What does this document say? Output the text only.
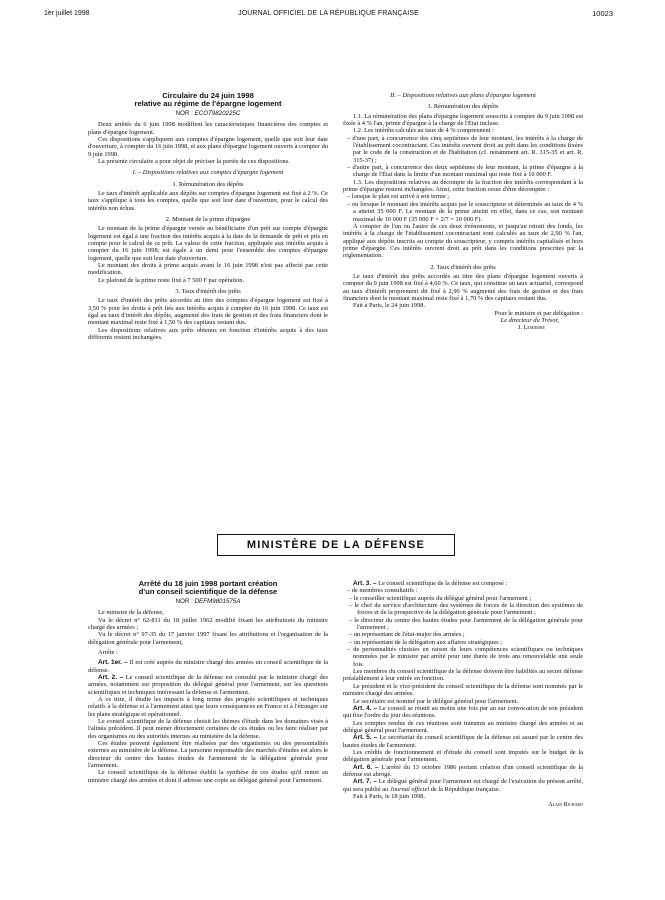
1er juillet 1998	JOURNAL OFFICIEL DE LA RÉPUBLIQUE FRANÇAISE	10023

Circulaire du 24 juin 1998

relative au régime de l'épargne logement

NOR : ECOT9820225C

Deux arrêtés du 6 juin 1998 modifient les caractéristiques financières des comptes et plans d'épargne logement.

Ces dispositions s'appliquent aux comptes d'épargne logement, quelle que soit leur date d'ouverture, à compter du 16 juin 1998, et aux plans d'épargne logement ouverts à compter du 9 juin 1998.

La présente circulaire a pour objet de préciser la portée de ces dispositions.

I. – Dispositions relatives aux comptes d'épargne logement

1. Rémunération des dépôts

Le taux d'intérêt applicable aux dépôts sur comptes d'épargne logement est fixé à 2 %. Ce taux s'applique à tous les comptes, quelle que soit leur date d'ouverture, pour le calcul des intérêts non échus.

2. Montant de la prime d'épargne

Le montant de la prime d'épargne versée au bénéficiaire d'un prêt sur compte d'épargne logement est égal à une fraction des intérêts acquis à la date de la demande de prêt et pris en compte pour le calcul de ce prêt. La valeur de cette fraction, appliquée aux intérêts acquis à compter du 16 juin 1998, est égale à un demi pour l'ensemble des comptes d'épargne logement, quelle que soit leur date d'ouverture.

Le montant des droits à prime acquis avant le 16 juin 1998 n'est pas affecté par cette modification.

Le plafond de la prime reste fixé à 7 500 F par opération.

3. Taux d'intérêt des prêts

Le taux d'intérêt des prêts accordés au titre des comptes d'épargne logement est fixé à 3,50 % pour les droits à prêt liés aux intérêts acquis à compter du 16 juin 1998. Ce taux est égal au taux d'intérêt des dépôts, augmenté des frais de gestion et des frais financiers dont le montant maximal reste fixé à 1,50 % des capitaux restant dus.

Les dispositions relatives aux prêts obtenus en fonction d'intérêts acquis à des taux différents restent inchangées.

II. – Dispositions relatives aux plans d'épargne logement

1. Rémunération des dépôts

1.1. La rémunération des plans d'épargne logement souscrits à compter du 9 juin 1998 est fixée à 4 % l'an, prime d'épargne à la charge de l'État incluse.

1.2. Les intérêts calculés au taux de 4 % comprennent :

– d'une part, à concurrence des cinq septièmes de leur montant, les intérêts à la charge de l'établissement cocontractant. Ces intérêts ouvrent droit au prêt dans les conditions fixées par le code de la construction et de l'habitation (cf. notamment art. R. 315-35 et art. R. 315-37) ;

– d'autre part, à concurrence des deux septièmes de leur montant, la prime d'épargne à la charge de l'État dans la limite d'un montant maximal qui reste fixé à 10 000 F.

1.3. Les dispositions relatives au décompte de la fraction des intérêts correspondant à la prime d'épargne restent inchangées. Ainsi, cette fraction cesse d'être décomptée :

– lorsque le plan est arrivé à son terme ;

– ou lorsque le montant des intérêts acquis par le souscripteur et déterminés au taux de 4 % a atteint 35 000 F. Le montant de la prime atteint en effet, dans ce cas, son montant maximal de 10 000 F (35 000 F × 2/7 = 10 000 F).

À compter de l'un ou l'autre de ces deux événements, et jusqu'au retrait des fonds, les intérêts à la charge de l'établissement cocontractant sont calculés au taux de 2,90 % l'an, appliqué aux dépôts inscrits au compte du souscripteur, y compris intérêts capitalisés et hors prime d'épargne. Ces intérêts ouvrent droit au prêt dans les conditions prescrites par la réglementation.

2. Taux d'intérêt des prêts

Le taux d'intérêt des prêts accordés au titre des plans d'épargne logement ouverts à compter du 9 juin 1998 est fixé à 4,60 %. Ce taux, qui constitue un taux actuariel, correspond au taux d'intérêt proprement dit fixé à 2,90 % augmenté des frais de gestion et des frais financiers dont le montant maximal reste fixé à 1,70 % des capitaux restant dus.

Fait à Paris, le 24 juin 1998.

Pour le ministre et par délégation :

Le directeur du Trésor,

J. Lemierre

MINISTÈRE DE LA DÉFENSE

Arrêté du 18 juin 1998 portant création

d'un conseil scientifique de la défense

NOR : DEFM9801575A

Le ministre de la défense,

Vu le décret n° 62-811 du 18 juillet 1962 modifié fixant les attributions du ministre chargé des armées ;

Vu le décret n° 97-35 du 17 janvier 1997 fixant les attributions et l'organisation de la délégation générale pour l'armement,

Arrête :

Art. 1er. – Il est créé auprès du ministre chargé des armées un conseil scientifique de la défense.

Art. 2. – Le conseil scientifique de la défense est consulté par le ministre chargé des armées, notamment sur proposition du délégué général pour l'armement, sur les questions scientifiques et techniques intéressant la défense et l'armement.

À ce titre, il étudie les impacts à long terme des progrès scientifiques et techniques relatifs à la défense et à l'armement ainsi que leurs conséquences en France et à l'étranger sur les plans stratégique et opérationnel.

Le conseil scientifique de la défense choisit les thèmes d'étude dans les domaines visés à l'alinéa précédent. Il peut mener directement certaines de ces études ou les faire réaliser par des organismes ou des autorités internes au ministère de la défense.

Ces études peuvent également être réalisées par des organismes ou des personnalités externes au ministère de la défense. La personne responsable des marchés d'études est alors le directeur du centre des hautes études de l'armement de la délégation générale pour l'armement.

Le conseil scientifique de la défense établit la synthèse de ces études qu'il remet au ministre chargé des armées et dont il adresse une copie au délégué général pour l'armement.

Art. 3. – Le conseil scientifique de la défense est composé :

– de membres consultatifs :

– le conseiller scientifique auprès du délégué général pour l'armement ;

– le chef du service d'architecture des systèmes de forces de la direction des systèmes de forces et de la prospective de la délégation générale pour l'armement ;

– le directeur du centre des hautes études pour l'armement de la délégation générale pour l'armement ;

– un représentant de l'état-major des armées ;

– un représentant de la délégation aux affaires stratégiques ;

– de personnalités choisies en raison de leurs compétences scientifiques ou techniques nommées par le ministre par arrêté pour une durée de trois ans renouvelable une seule fois.

Les membres du conseil scientifique de la défense doivent être habilités au secret défense préalablement à leur entrée en fonction.

Le président et le vice-président du conseil scientifique de la défense sont nommés par le ministre chargé des armées.

Le secrétaire est nommé par le délégué général pour l'armement.

Art. 4. – Le conseil se réunit au moins une fois par an sur convocation de son président qui fixe l'ordre du jour des réunions.

Les comptes rendus de ces réunions sont transmis au ministre chargé des armées et au délégué général pour l'armement.

Art. 5. – Le secrétariat du conseil scientifique de la défense est assuré par le centre des hautes études de l'armement.

Les crédits de fonctionnement et d'étude du conseil sont imputés sur le budget de la délégation générale pour l'armement.

Art. 6. – L'arrêté du 13 octobre 1986 portant création d'un conseil scientifique de la défense est abrogé.

Art. 7. – Le délégué général pour l'armement est chargé de l'exécution du présent arrêté, qui sera publié au Journal officiel de la République française.

Fait à Paris, le 18 juin 1998.

Alain Richard
